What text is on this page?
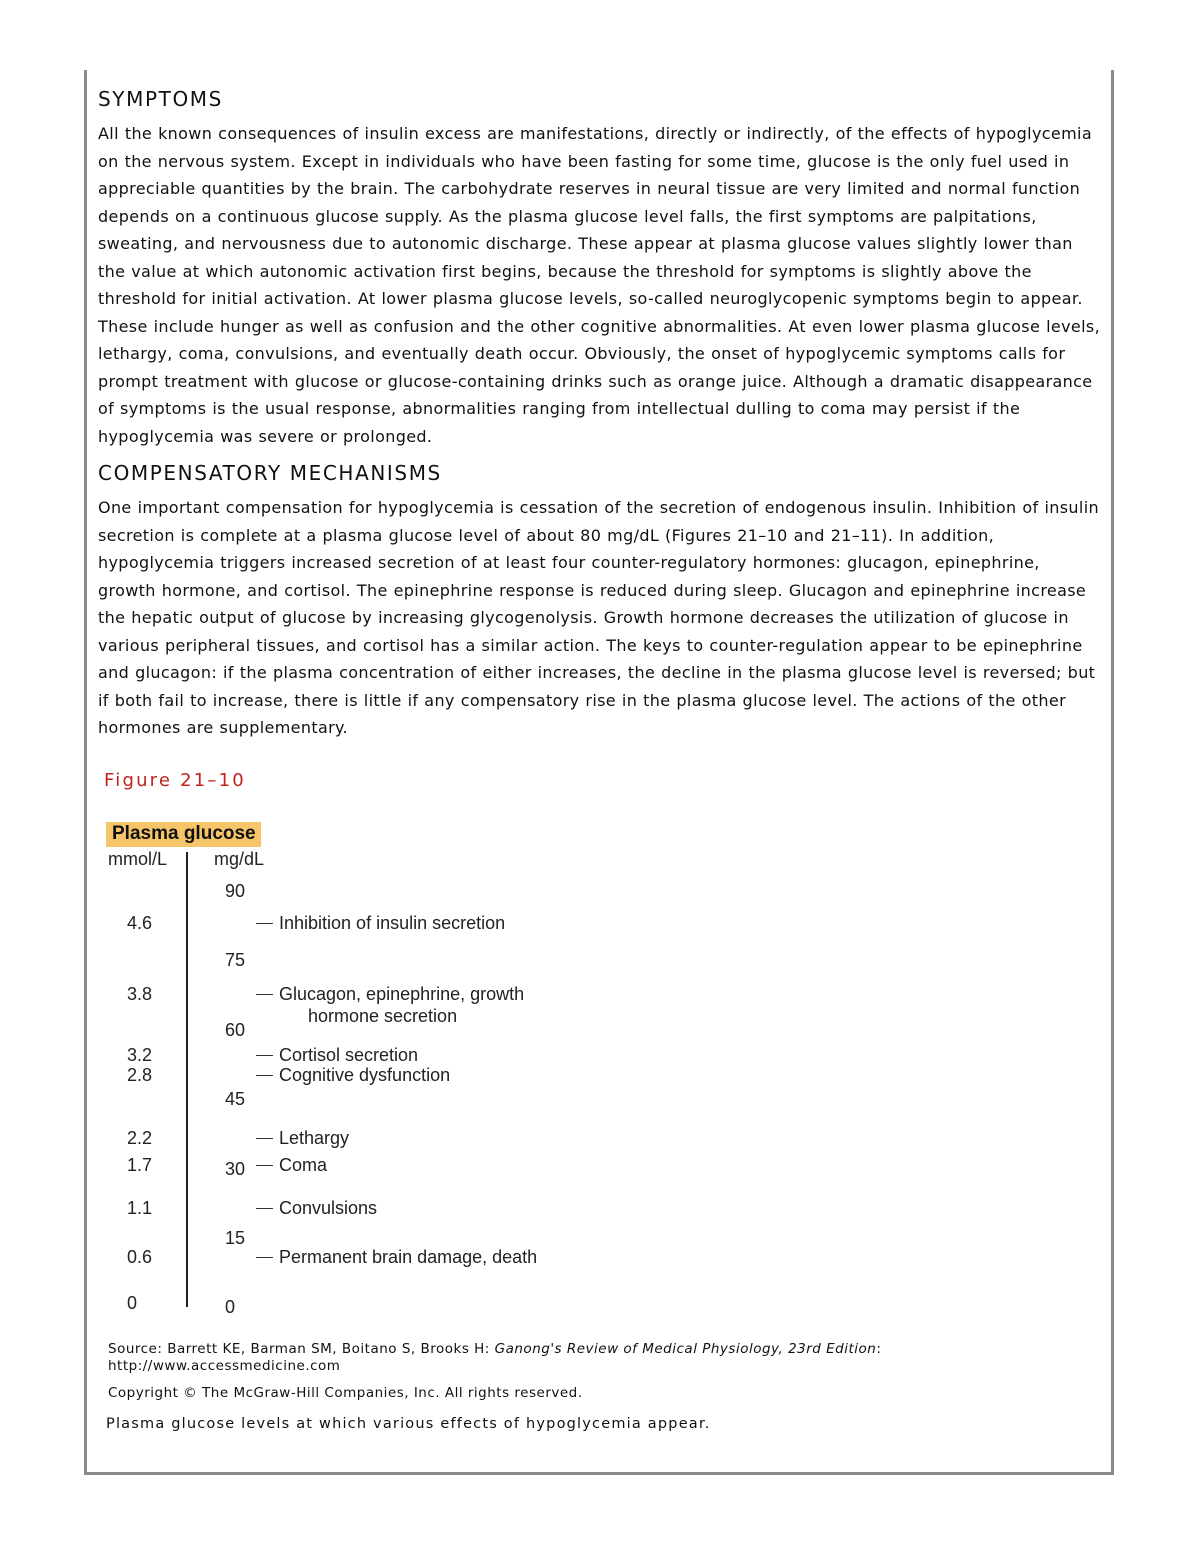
SYMPTOMS

All the known consequences of insulin excess are manifestations, directly or indirectly, of the effects of hypoglycemia on the nervous system. Except in individuals who have been fasting for some time, glucose is the only fuel used in appreciable quantities by the brain. The carbohydrate reserves in neural tissue are very limited and normal function depends on a continuous glucose supply. As the plasma glucose level falls, the first symptoms are palpitations, sweating, and nervousness due to autonomic discharge. These appear at plasma glucose values slightly lower than the value at which autonomic activation first begins, because the threshold for symptoms is slightly above the threshold for initial activation. At lower plasma glucose levels, so-called neuroglycopenic symptoms begin to appear. These include hunger as well as confusion and the other cognitive abnormalities. At even lower plasma glucose levels, lethargy, coma, convulsions, and eventually death occur. Obviously, the onset of hypoglycemic symptoms calls for prompt treatment with glucose or glucose-containing drinks such as orange juice. Although a dramatic disappearance of symptoms is the usual response, abnormalities ranging from intellectual dulling to coma may persist if the hypoglycemia was severe or prolonged.

COMPENSATORY MECHANISMS

One important compensation for hypoglycemia is cessation of the secretion of endogenous insulin. Inhibition of insulin secretion is complete at a plasma glucose level of about 80 mg/dL (Figures 21–10 and 21–11). In addition, hypoglycemia triggers increased secretion of at least four counter-regulatory hormones: glucagon, epinephrine, growth hormone, and cortisol. The epinephrine response is reduced during sleep. Glucagon and epinephrine increase the hepatic output of glucose by increasing glycogenolysis. Growth hormone decreases the utilization of glucose in various peripheral tissues, and cortisol has a similar action. The keys to counter-regulation appear to be epinephrine and glucagon: if the plasma concentration of either increases, the decline in the plasma glucose level is reversed; but if both fail to increase, there is little if any compensatory rise in the plasma glucose level. The actions of the other hormones are supplementary.

Figure 21–10
Plasma glucose
mmol/L	mg/dL
4.6
3.8
3.2
2.8
2.2
1.7
1.1
0.6
0
90
75
60
45
30
15
0
Inhibition of insulin secretion
Glucagon, epinephrine, growth
hormone secretion
Cortisol secretion
Cognitive dysfunction
Lethargy
Coma
Convulsions
Permanent brain damage, death
Source: Barrett KE, Barman SM, Boitano S, Brooks H: Ganong's Review of Medical Physiology, 23rd Edition: http://www.accessmedicine.com
Copyright © The McGraw-Hill Companies, Inc. All rights reserved.
Plasma glucose levels at which various effects of hypoglycemia appear.
